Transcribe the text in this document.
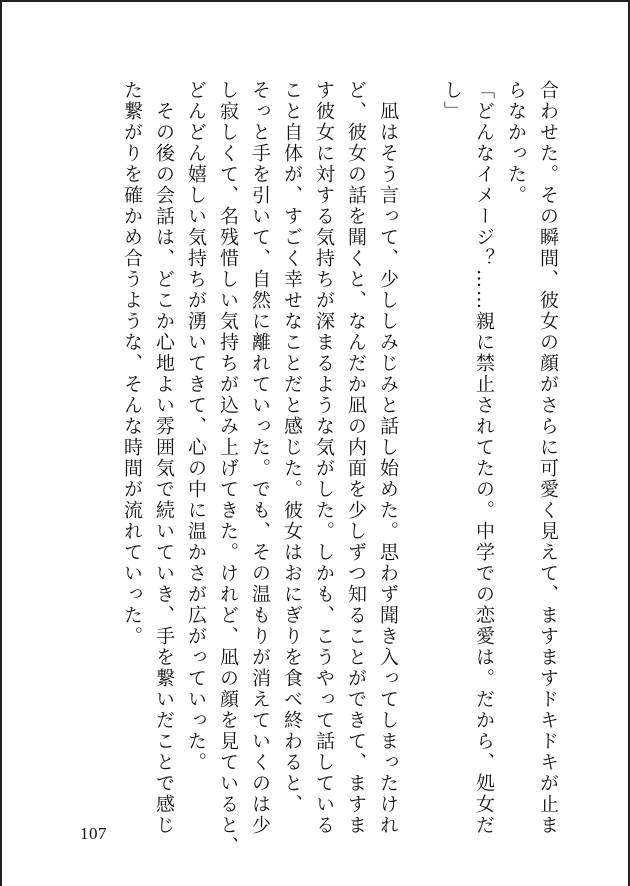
合わせた。その瞬間、彼女の顔がさらに可愛く見えて、ますますドキドキが止ま
らなかった。
「どんなイメージ？……親に禁止されてたの。中学での恋愛は。だから、処女だ
し」

　凪はそう言って、少ししみじみと話し始めた。思わず聞き入ってしまったけれ
ど、彼女の話を聞くと、なんだか凪の内面を少しずつ知ることができて、ますま
す彼女に対する気持ちが深まるような気がした。しかも、こうやって話している
こと自体が、すごく幸せなことだと感じた。彼女はおにぎりを食べ終わると、
そっと手を引いて、自然に離れていった。でも、その温もりが消えていくのは少
し寂しくて、名残惜しい気持ちが込み上げてきた。けれど、凪の顔を見ていると、
どんどん嬉しい気持ちが湧いてきて、心の中に温かさが広がっていった。
　その後の会話は、どこか心地よい雰囲気で続いていき、手を繋いだことで感じ
た繋がりを確かめ合うような、そんな時間が流れていった。
107
